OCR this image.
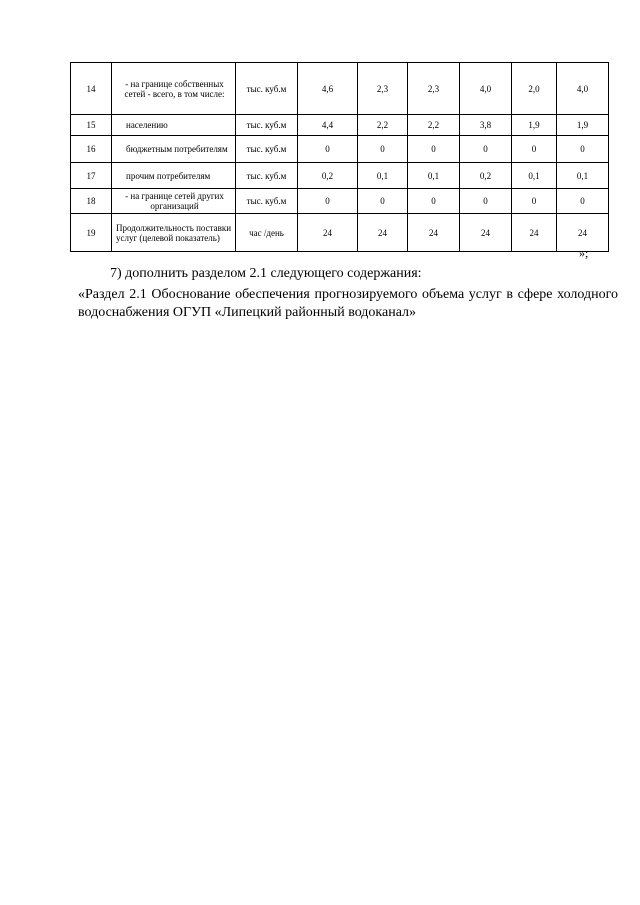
14	- на границе собственных сетей - всего, в том числе:	тыс. куб.м	4,6	2,3	2,3	4,0	2,0	4,0
15	населению	тыс. куб.м	4,4	2,2	2,2	3,8	1,9	1,9
16	бюджетным потребителям	тыс. куб.м	0	0	0	0	0	0
17	прочим потребителям	тыс. куб.м	0,2	0,1	0,1	0,2	0,1	0,1
18	- на границе сетей других организаций	тыс. куб.м	0	0	0	0	0	0
19	Продолжительность поставки услуг (целевой показатель)	час /день	24	24	24	24	24	24
»;
7) дополнить разделом 2.1 следующего содержания:
«Раздел 2.1 Обоснование обеспечения прогнозируемого объема услуг в сфере холодного водоснабжения ОГУП «Липецкий районный водоканал»
